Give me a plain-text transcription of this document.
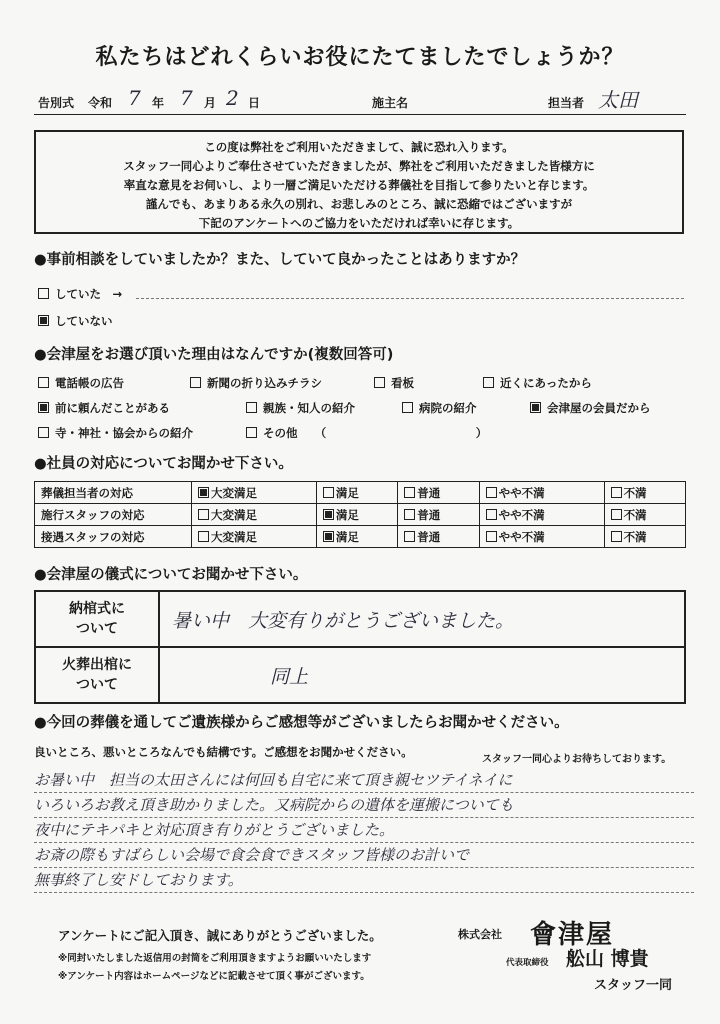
私たちはどれくらいお役にたてましたでしょうか？
告別式 令和 7 年 7 月 2 日	施主名	担当者 太田
この度は弊社をご利用いただきまして、誠に恐れ入ります。
スタッフ一同心よりご奉仕させていただきましたが、弊社をご利用いただきました皆様方に
率直な意見をお伺いし、より一層ご満足いただける葬儀社を目指して参りたいと存じます。
謹んでも、あまりある永久の別れ、お悲しみのところ、誠に恐縮ではございますが
下記のアンケートへのご協力をいただければ幸いに存じます。
●事前相談をしていましたか？また、していて良かったことはありますか？
していた　→
していない
●会津屋をお選び頂いた理由はなんですか(複数回答可)
電話帳の広告	新聞の折り込みチラシ	看板	近くにあったから
前に頼んだことがある	親族・知人の紹介	病院の紹介	会津屋の会員だから
寺・神社・協会からの紹介	その他　　（　　　　　　　　　　　　　）
●社員の対応についてお聞かせ下さい。
葬儀担当者の対応	大変満足	満足	普通	やや不満	不満
施行スタッフの対応	大変満足	満足	普通	やや不満	不満
接遇スタッフの対応	大変満足	満足	普通	やや不満	不満
●会津屋の儀式についてお聞かせ下さい。
納棺式に
ついて	暑い中　大変有りがとうございました。

火葬出棺に
ついて	同上
●今回の葬儀を通してご遺族様からご感想等がございましたらお聞かせください。
良いところ、悪いところなんでも結構です。ご感想をお聞かせください。
スタッフ一同心よりお待ちしております。
お暑い中　担当の太田さんには何回も自宅に来て頂き親セツテイネイに
いろいろお教え頂き助かりました。又病院からの遺体を運搬についても
夜中にテキパキと対応頂き有りがとうございました。
お斎の際もすばらしい会場で食会食できスタッフ皆様のお計いで
無事終了し安ドしております。
アンケートにご記入頂き、誠にありがとうございました。
※同封いたしました返信用の封筒をご利用頂きますようお願いいたします
※アンケート内容はホームページなどに記載させて頂く事がございます。
株式会社 會津屋
代表取締役 舩山 博貴
スタッフ一同
